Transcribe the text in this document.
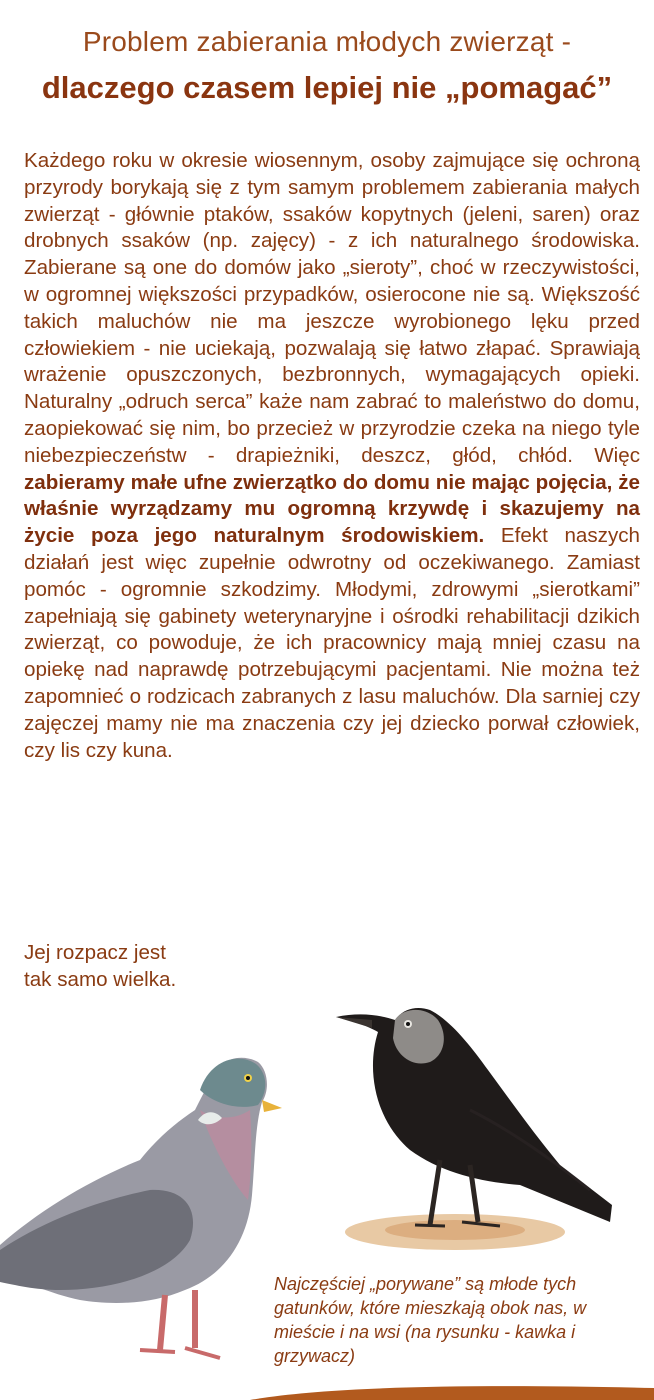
Problem zabierania młodych zwierząt -
dlaczego czasem lepiej nie „pomagać”

Każdego roku w okresie wiosennym, osoby zajmujące się ochroną przyrody borykają się z tym samym problemem zabierania małych zwierząt - głównie ptaków, ssaków kopytnych (jeleni, saren) oraz drobnych ssaków (np. zajęcy) - z ich naturalnego środowiska. Zabierane są one do domów jako „sieroty”, choć w rzeczywistości, w ogromnej większości przypadków, osierocone nie są. Większość takich maluchów nie ma jeszcze wyrobionego lęku przed człowiekiem - nie uciekają, pozwalają się łatwo złapać. Sprawiają wrażenie opuszczonych, bezbronnych, wymagających opieki. Naturalny „odruch serca” każe nam zabrać to maleństwo do domu, zaopiekować się nim, bo przecież w przyrodzie czeka na niego tyle niebezpieczeństw - drapieżniki, deszcz, głód, chłód. Więc zabieramy małe ufne zwierzątko do domu nie mając pojęcia, że właśnie wyrządzamy mu ogromną krzywdę i skazujemy na życie poza jego naturalnym środowiskiem. Efekt naszych działań jest więc zupełnie odwrotny od oczekiwanego. Zamiast pomóc - ogromnie szkodzimy. Młodymi, zdrowymi „sierotkami” zapełniają się gabinety weterynaryjne i ośrodki rehabilitacji dzikich zwierząt, co powoduje, że ich pracownicy mają mniej czasu na opiekę nad naprawdę potrzebującymi pacjentami. Nie można też zapomnieć o rodzicach zabranych z lasu maluchów. Dla sarniej czy zajęczej mamy nie ma znaczenia czy jej dziecko porwał człowiek, czy lis czy kuna.

Jej rozpacz jest
tak samo wielka.
Najczęściej „porywane” są młode tych gatunków, które mieszkają obok nas, w mieście i na wsi (na rysunku - kawka i grzywacz)
